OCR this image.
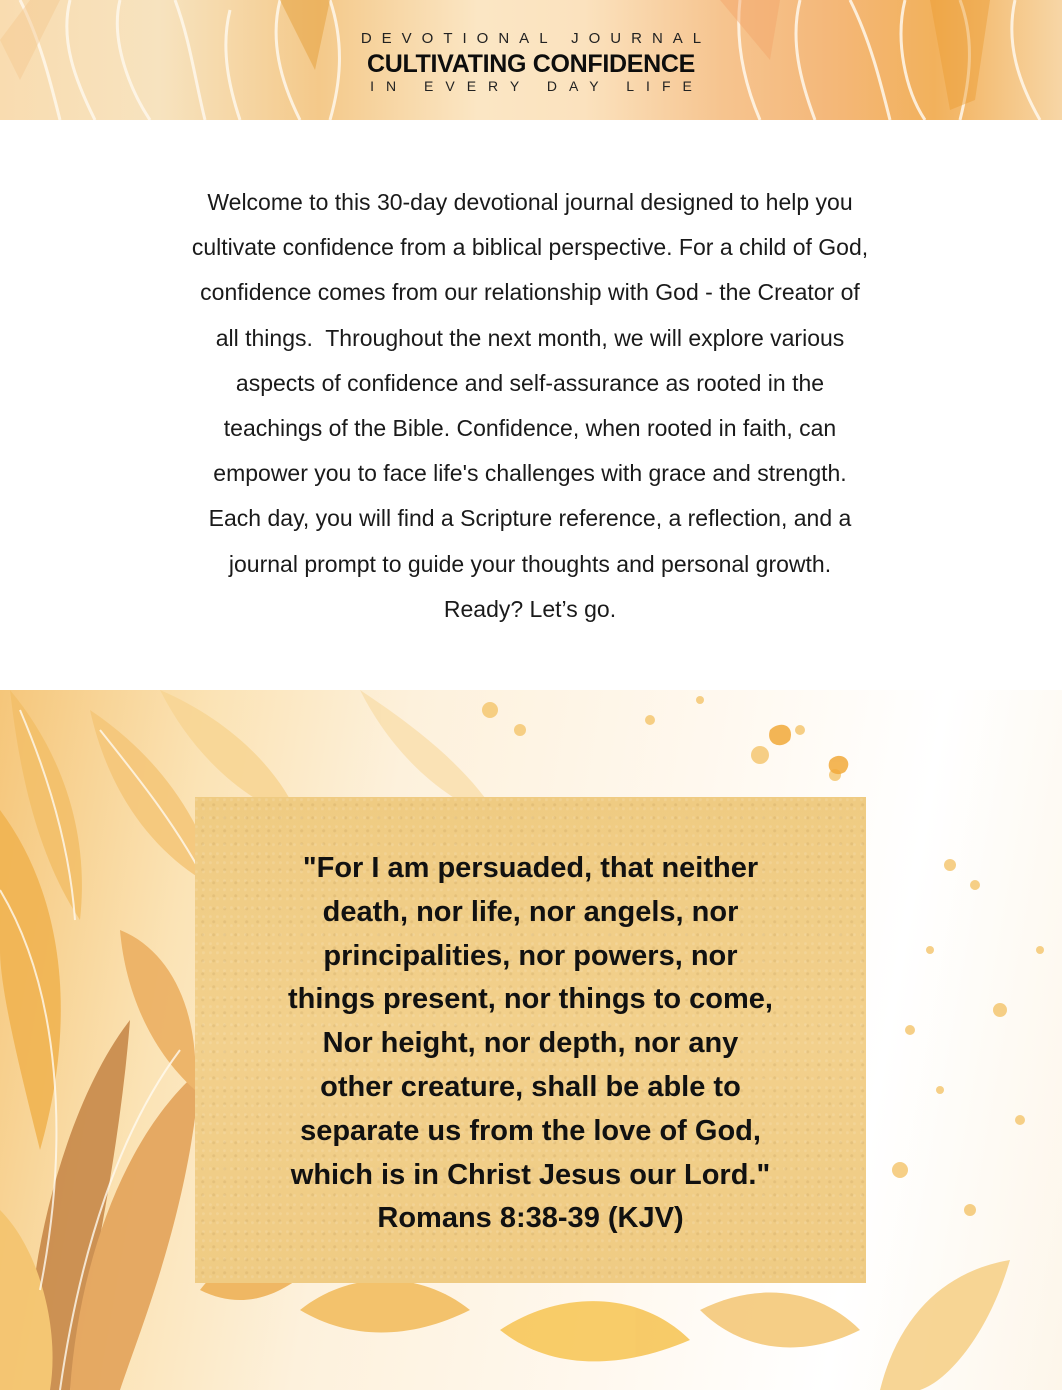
DEVOTIONAL JOURNAL
CULTIVATING CONFIDENCE
IN EVERY DAY LIFE
Welcome to this 30-day devotional journal designed to help you
cultivate confidence from a biblical perspective. For a child of God,
confidence comes from our relationship with God - the Creator of
all things.  Throughout the next month, we will explore various
aspects of confidence and self-assurance as rooted in the
teachings of the Bible. Confidence, when rooted in faith, can
empower you to face life's challenges with grace and strength.
Each day, you will find a Scripture reference, a reflection, and a
journal prompt to guide your thoughts and personal growth.
Ready? Let’s go.
"For I am persuaded, that neither
death, nor life, nor angels, nor
principalities, nor powers, nor
things present, nor things to come,
Nor height, nor depth, nor any
other creature, shall be able to
separate us from the love of God,
which is in Christ Jesus our Lord."
Romans 8:38-39 (KJV)
